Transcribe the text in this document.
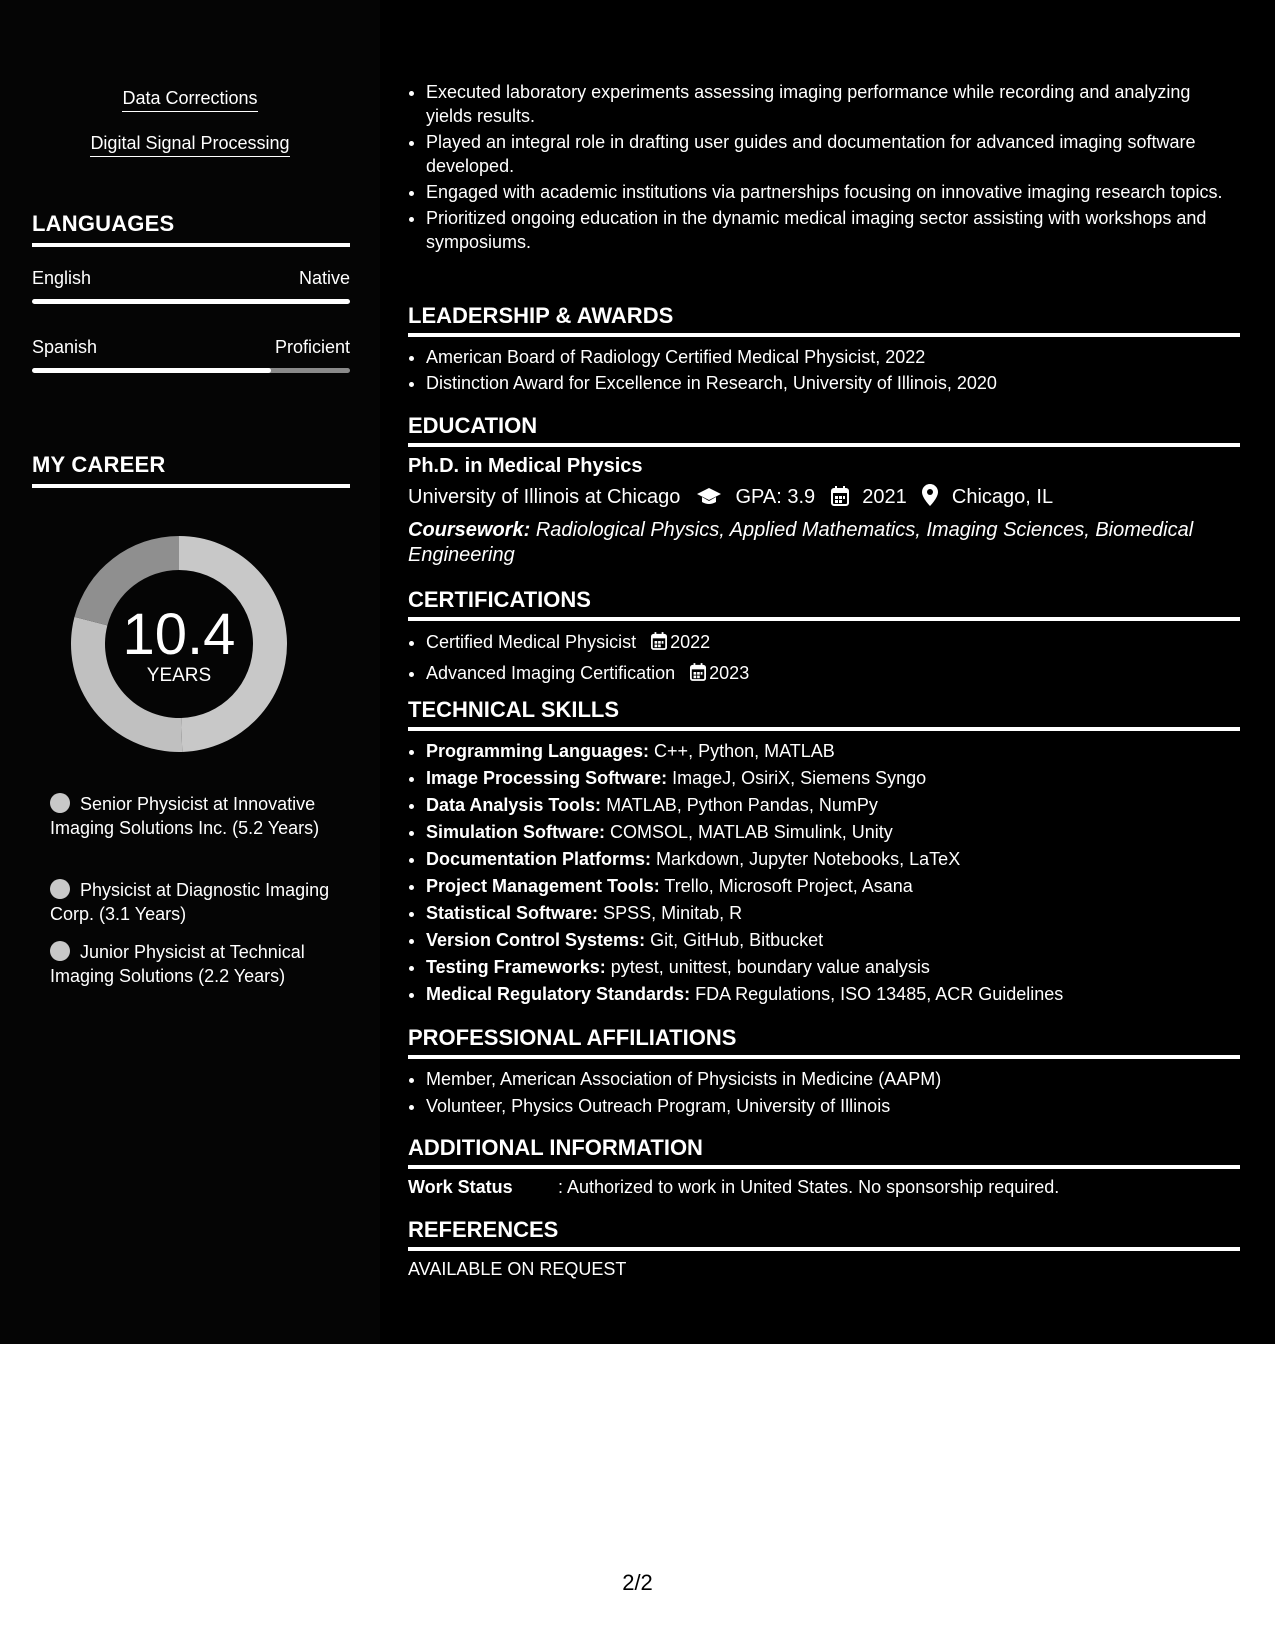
Data Corrections
Digital Signal Processing
LANGUAGES
English	Native
Spanish	Proficient
MY CAREER
10.4
YEARS
Senior Physicist at Innovative Imaging Solutions Inc. (5.2 Years)
Physicist at Diagnostic Imaging Corp. (3.1 Years)
Junior Physicist at Technical Imaging Solutions (2.2 Years)
• Executed laboratory experiments assessing imaging performance while recording and analyzing yields results.
• Played an integral role in drafting user guides and documentation for advanced imaging software developed.
• Engaged with academic institutions via partnerships focusing on innovative imaging research topics.
• Prioritized ongoing education in the dynamic medical imaging sector assisting with workshops and symposiums.
LEADERSHIP & AWARDS
• American Board of Radiology Certified Medical Physicist, 2022
• Distinction Award for Excellence in Research, University of Illinois, 2020
EDUCATION
Ph.D. in Medical Physics
University of Illinois at Chicago	GPA: 3.9 2021 Chicago, IL
Coursework: Radiological Physics, Applied Mathematics, Imaging Sciences, Biomedical Engineering
CERTIFICATIONS
• Certified Medical Physicist 2022
• Advanced Imaging Certification 2023
TECHNICAL SKILLS
• Programming Languages: C++, Python, MATLAB
• Image Processing Software: ImageJ, OsiriX, Siemens Syngo
• Data Analysis Tools: MATLAB, Python Pandas, NumPy
• Simulation Software: COMSOL, MATLAB Simulink, Unity
• Documentation Platforms: Markdown, Jupyter Notebooks, LaTeX
• Project Management Tools: Trello, Microsoft Project, Asana
• Statistical Software: SPSS, Minitab, R
• Version Control Systems: Git, GitHub, Bitbucket
• Testing Frameworks: pytest, unittest, boundary value analysis
• Medical Regulatory Standards: FDA Regulations, ISO 13485, ACR Guidelines
PROFESSIONAL AFFILIATIONS
• Member, American Association of Physicists in Medicine (AAPM)
• Volunteer, Physics Outreach Program, University of Illinois
ADDITIONAL INFORMATION
Work Status	: Authorized to work in United States. No sponsorship required.
REFERENCES
AVAILABLE ON REQUEST
2/2
